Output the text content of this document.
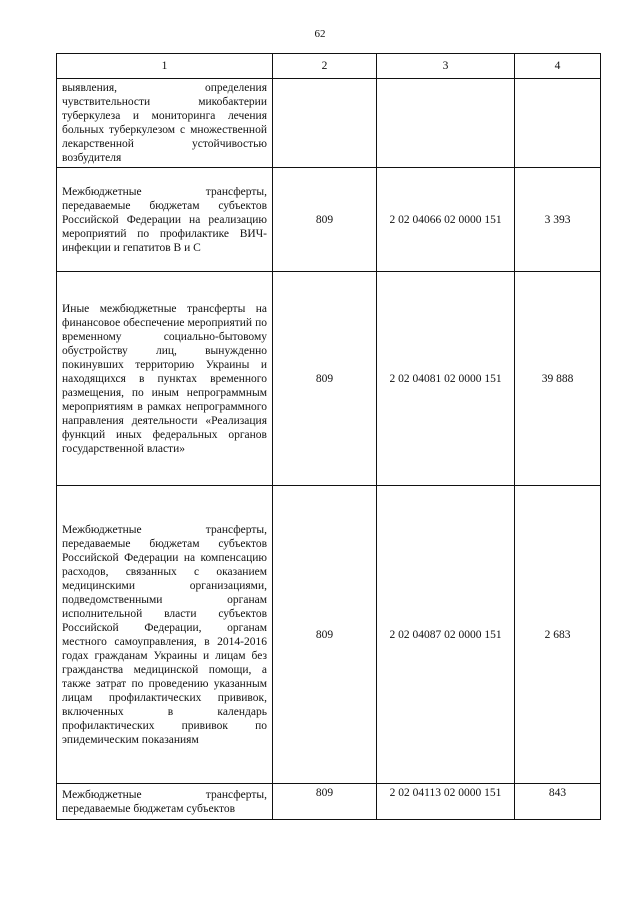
62
1	2	3	4

выявления, определения чувствительности микобактерии туберкулеза и мониторинга лечения больных туберкулезом с множественной лекарственной устойчивостью возбудителя			

Межбюджетные трансферты, передаваемые бюджетам субъектов Российской Федерации на реализацию мероприятий по профилактике ВИЧ-инфекции и гепатитов В и С	809	2 02 04066 02 0000 151	3 393

Иные межбюджетные трансферты на финансовое обеспечение мероприятий по временному социально-бытовому обустройству лиц, вынужденно покинувших территорию Украины и находящихся в пунктах временного размещения, по иным непрограммным мероприятиям в рамках непрограммного направления деятельности «Реализация функций иных федеральных органов государственной власти»	809	2 02 04081 02 0000 151	39 888

Межбюджетные трансферты, передаваемые бюджетам субъектов Российской Федерации на компенсацию расходов, связанных с оказанием медицинскими организациями, подведомственными органам исполнительной власти субъектов Российской Федерации, органам местного самоуправления, в 2014-2016 годах гражданам Украины и лицам без гражданства медицинской помощи, а также затрат по проведению указанным лицам профилактических прививок, включенных в календарь профилактических прививок по эпидемическим показаниям	809	2 02 04087 02 0000 151	2 683

Межбюджетные трансферты, передаваемые бюджетам субъектов	809	2 02 04113 02 0000 151	843
